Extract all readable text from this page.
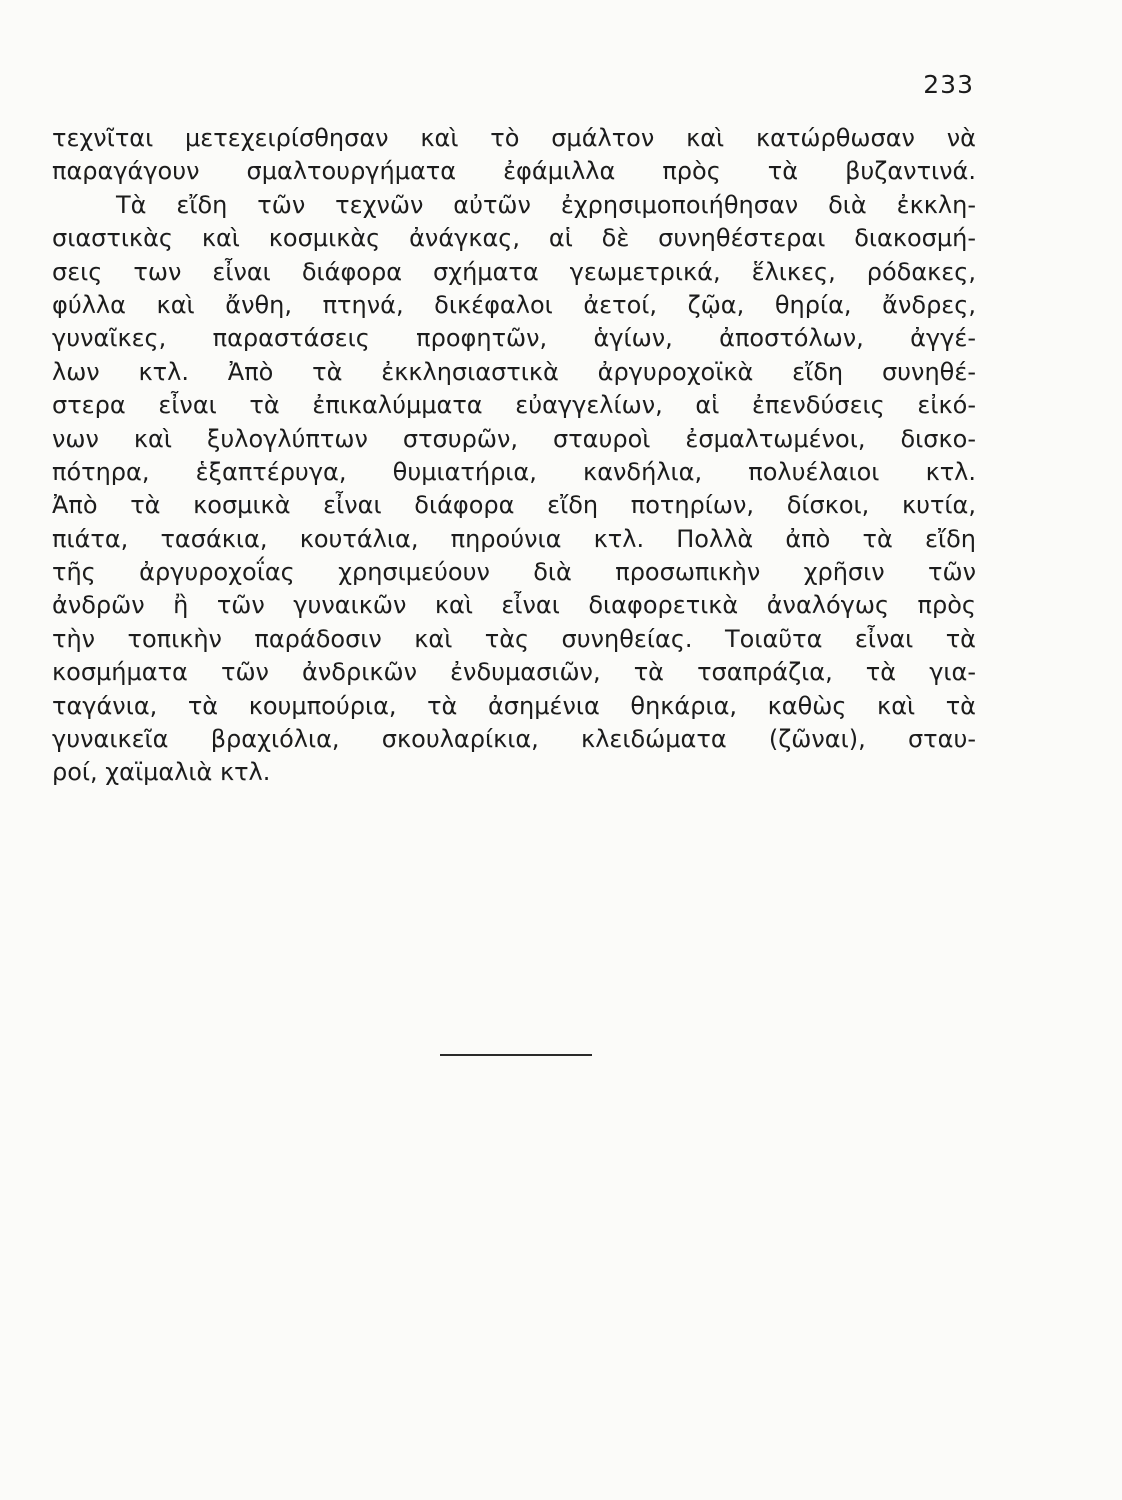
233
τεχνῖται μετεχειρίσθησαν καὶ τὸ σμάλτον καὶ κατώρθωσαν νὰ
παραγάγουν σμαλτουργήματα ἐφάμιλλα πρὸς τὰ βυζαντινά.
Τὰ εἴδη τῶν τεχνῶν αὐτῶν ἐχρησιμοποιήθησαν διὰ ἐκκλη-
σιαστικὰς καὶ κοσμικὰς ἀνάγκας, αἱ δὲ συνηθέστεραι διακοσμή-
σεις των εἶναι διάφορα σχήματα γεωμετρικά, ἕλικες, ρόδακες,
φύλλα καὶ ἄνθη, πτηνά, δικέφαλοι ἀετοί, ζῷα, θηρία, ἄνδρες,
γυναῖκες, παραστάσεις προφητῶν, ἁγίων, ἀποστόλων, ἀγγέ-
λων κτλ. Ἀπὸ τὰ ἐκκλησιαστικὰ ἀργυροχοϊκὰ εἴδη συνηθέ-
στερα εἶναι τὰ ἐπικαλύμματα εὐαγγελίων, αἱ ἐπενδύσεις εἰκό-
νων καὶ ξυλογλύπτων στσυρῶν, σταυροὶ ἐσμαλτωμένοι, δισκο-
πότηρα, ἑξαπτέρυγα, θυμιατήρια, κανδήλια, πολυέλαιοι κτλ.
Ἀπὸ τὰ κοσμικὰ εἶναι διάφορα εἴδη ποτηρίων, δίσκοι, κυτία,
πιάτα, τασάκια, κουτάλια, πηρούνια κτλ. Πολλὰ ἀπὸ τὰ εἴδη
τῆς ἀργυροχοΐας χρησιμεύουν διὰ προσωπικὴν χρῆσιν τῶν
ἀνδρῶν ἢ τῶν γυναικῶν καὶ εἶναι διαφορετικὰ ἀναλόγως πρὸς
τὴν τοπικὴν παράδοσιν καὶ τὰς συνηθείας. Τοιαῦτα εἶναι τὰ
κοσμήματα τῶν ἀνδρικῶν ἐνδυμασιῶν, τὰ τσαπράζια, τὰ για-
ταγάνια, τὰ κουμπούρια, τὰ ἀσημένια θηκάρια, καθὼς καὶ τὰ
γυναικεῖα βραχιόλια, σκουλαρίκια, κλειδώματα (ζῶναι), σταυ-
ροί, χαϊμαλιὰ κτλ.
